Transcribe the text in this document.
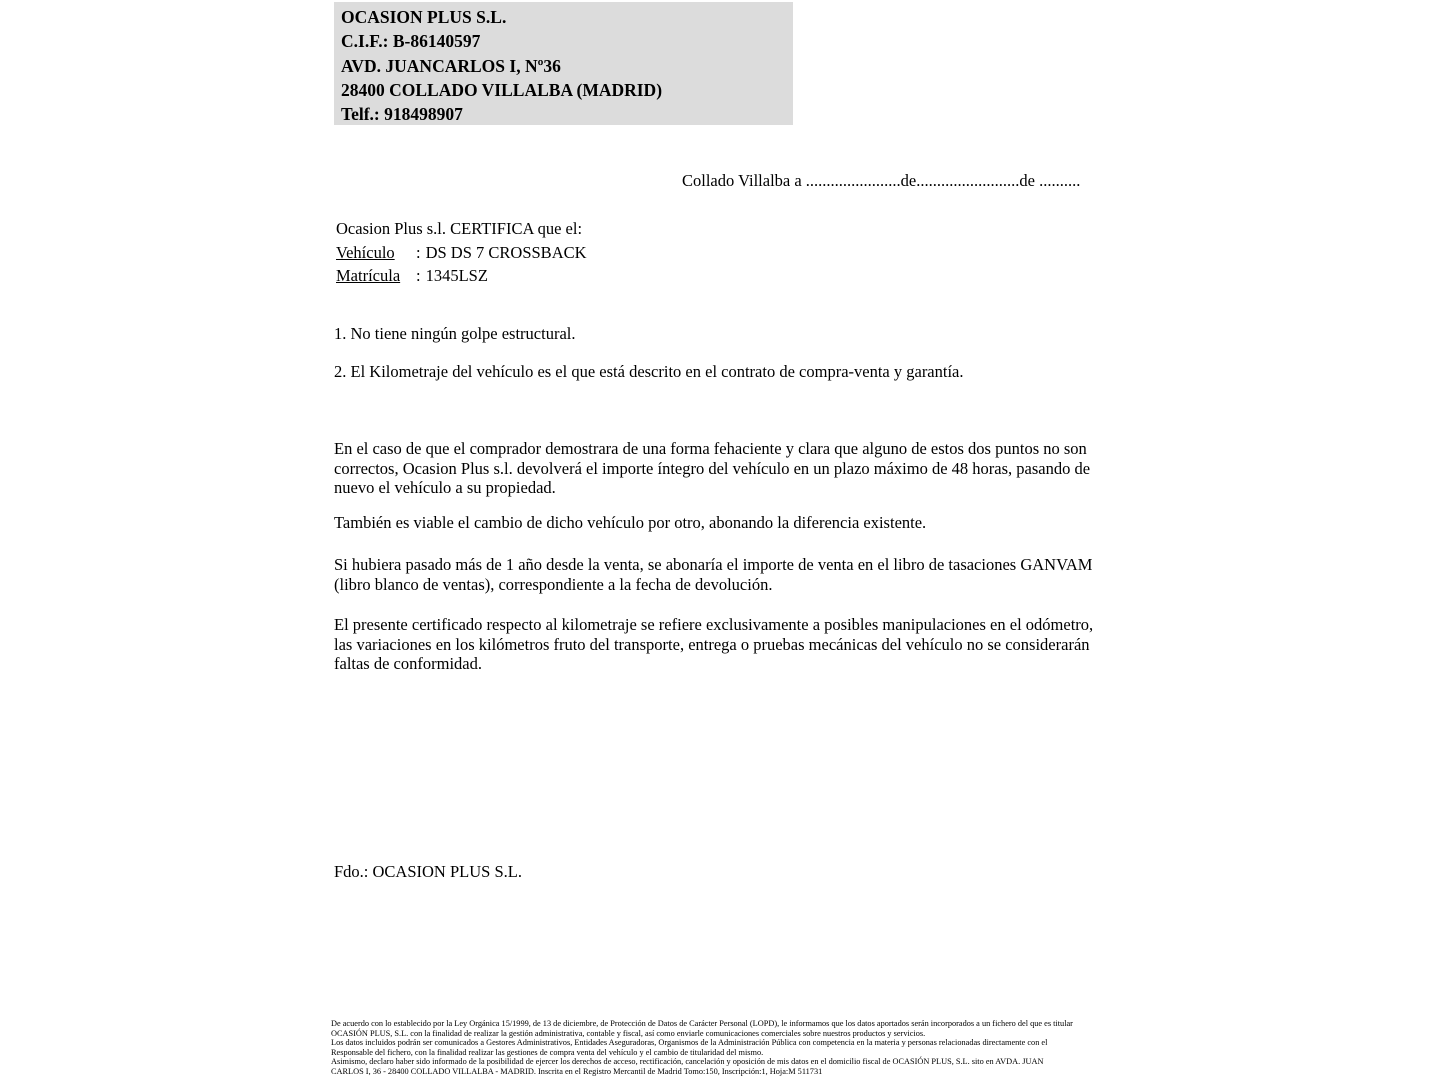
OCASION PLUS S.L.
C.I.F.: B-86140597
AVD. JUANCARLOS I, Nº36
28400 COLLADO VILLALBA (MADRID)
Telf.: 918498907
Collado Villalba a .......................de.........................de ..........
Ocasion Plus s.l. CERTIFICA que el:
Vehículo : DS DS 7 CROSSBACK
Matrícula : 1345LSZ
1. No tiene ningún golpe estructural.
2. El Kilometraje del vehículo es el que está descrito en el contrato de compra-venta y garantía.
En el caso de que el comprador demostrara de una forma fehaciente y clara que alguno de estos dos puntos no son correctos, Ocasion Plus s.l. devolverá el importe íntegro del vehículo en un plazo máximo de 48 horas, pasando de nuevo el vehículo a su propiedad.
También es viable el cambio de dicho vehículo por otro, abonando la diferencia existente.
Si hubiera pasado más de 1 año desde la venta, se abonaría el importe de venta en el libro de tasaciones GANVAM (libro blanco de ventas), correspondiente a la fecha de devolución.
El presente certificado respecto al kilometraje se refiere exclusivamente a posibles manipulaciones en el odómetro, las variaciones en los kilómetros fruto del transporte, entrega o pruebas mecánicas del vehículo no se considerarán faltas de conformidad.
Fdo.: OCASION PLUS S.L.
De acuerdo con lo establecido por la Ley Orgánica 15/1999, de 13 de diciembre, de Protección de Datos de Carácter Personal (LOPD), le informamos que los datos aportados serán incorporados a un fichero del que es titular
OCASIÓN PLUS, S.L. con la finalidad de realizar la gestión administrativa, contable y fiscal, así como enviarle comunicaciones comerciales sobre nuestros productos y servicios.
Los datos incluidos podrán ser comunicados a Gestores Administrativos, Entidades Aseguradoras, Organismos de la Administración Pública con competencia en la materia y personas relacionadas directamente con el
Responsable del fichero, con la finalidad realizar las gestiones de compra venta del vehículo y el cambio de titularidad del mismo.
Asimismo, declaro haber sido informado de la posibilidad de ejercer los derechos de acceso, rectificación, cancelación y oposición de mis datos en el domicilio fiscal de OCASIÓN PLUS, S.L. sito en AVDA. JUAN
CARLOS I, 36 - 28400 COLLADO VILLALBA - MADRID. Inscrita en el Registro Mercantil de Madrid Tomo:150, Inscripción:1, Hoja:M 511731
